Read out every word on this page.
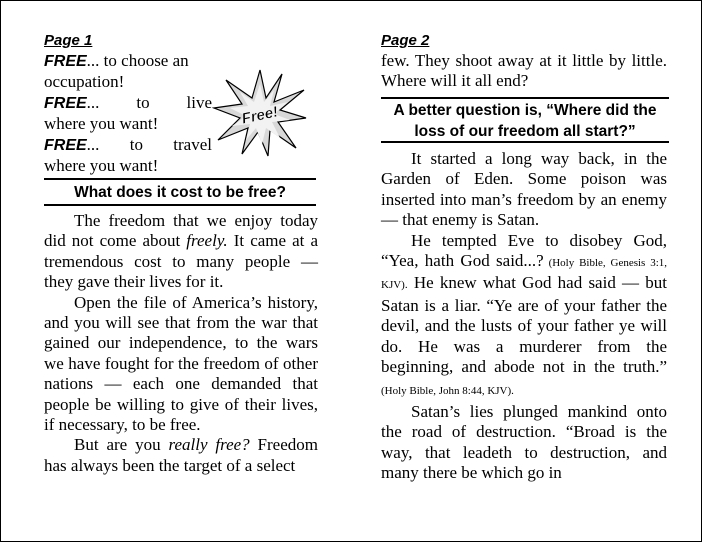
Page 1

FREE... to choose an
occupation!

FREE... to live

where you want!

FREE... to travel

where you want!

Free!
What does it cost to be free?

The freedom that we enjoy today did not come about freely. It came at a tremendous cost to many people — they gave their lives for it.

Open the file of America’s history, and you will see that from the war that gained our independence, to the wars we have fought for the freedom of other nations — each one demanded that people be willing to give of their lives, if necessary, to be free.

But are you really free? Freedom has always been the target of a select

Page 2

few. They shoot away at it little by little. Where will it all end?

A better question is, “Where did the loss of our freedom all start?”

It started a long way back, in the Garden of Eden. Some poison was inserted into man’s freedom by an enemy — that enemy is Satan.

He tempted Eve to disobey God, “Yea, hath God said...? (Holy Bible, Genesis 3:1, KJV). He knew what God had said — but Satan is a liar. “Ye are of your father the devil, and the lusts of your father ye will do. He was a murderer from the beginning, and abode not in the truth.” (Holy Bible, John 8:44, KJV).

Satan’s lies plunged mankind onto the road of destruction. “Broad is the way, that leadeth to destruction, and many there be which go in
